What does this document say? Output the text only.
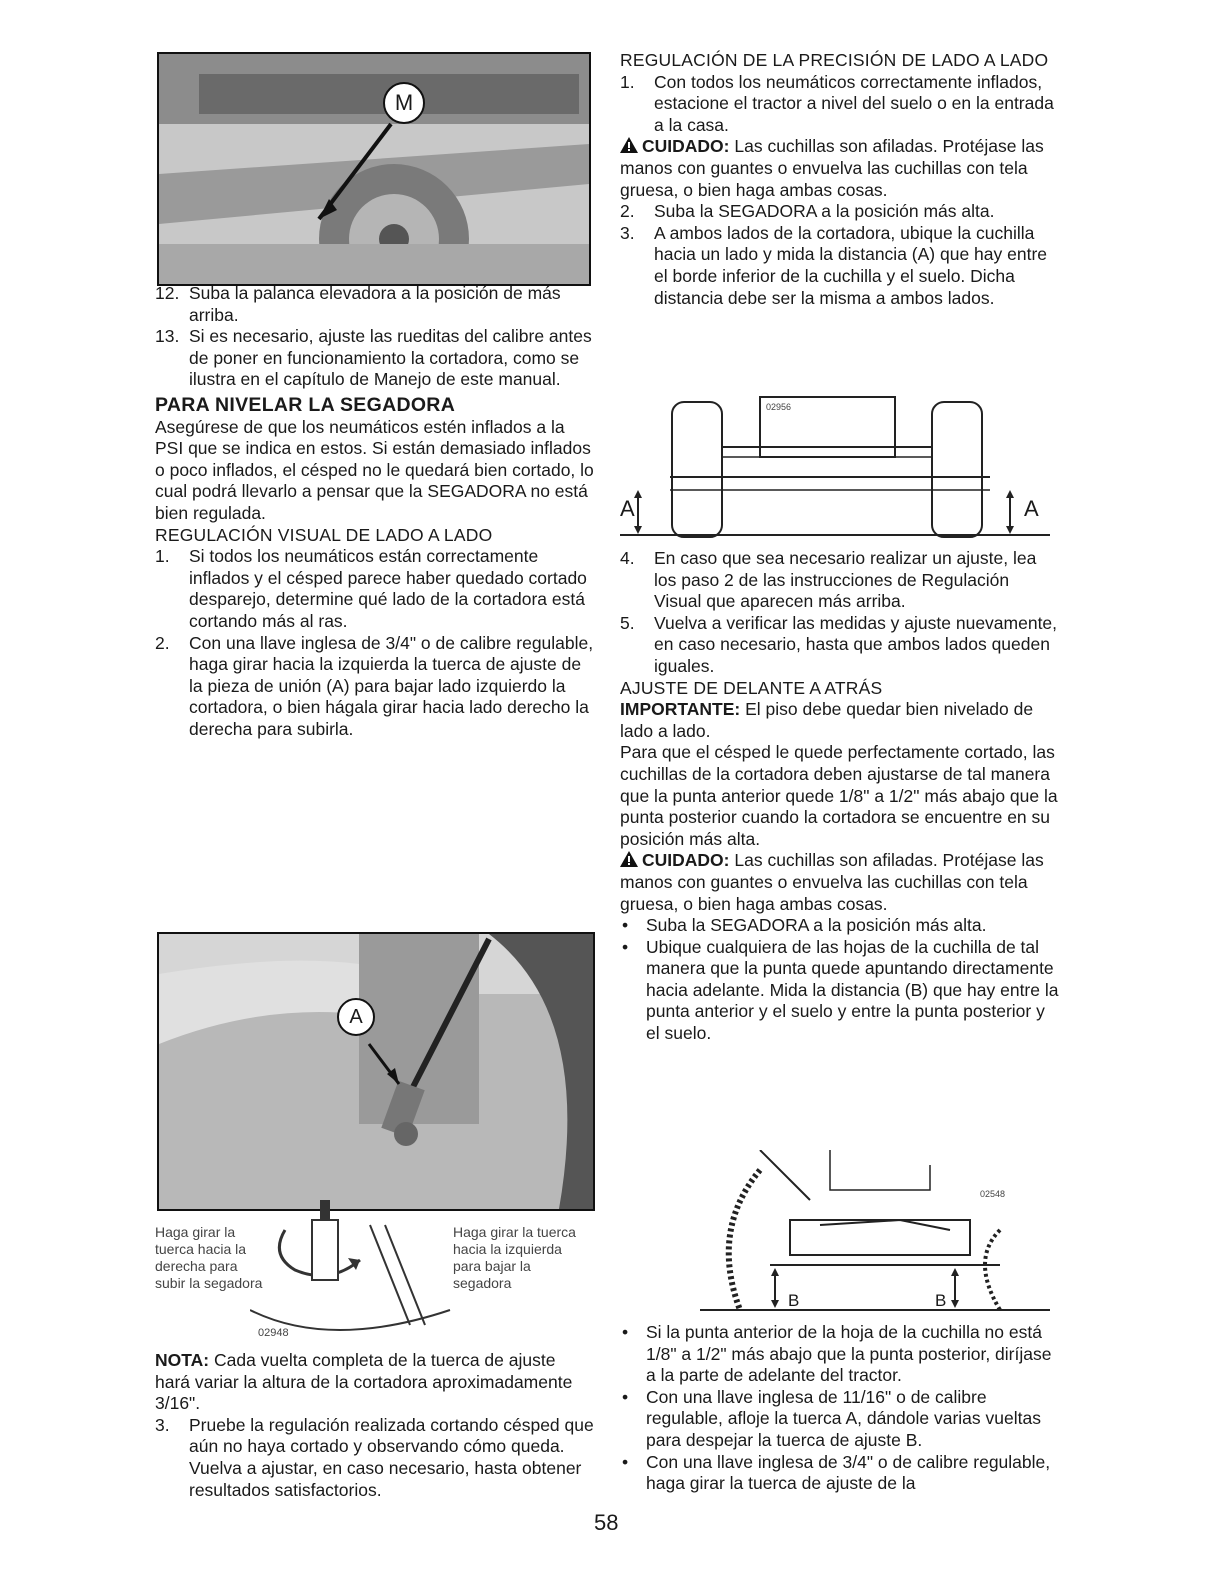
M
12. Suba la palanca elevadora a la posición de más arriba.
13. Si es necesario, ajuste las rueditas del calibre antes de poner en funcionamiento la cortadora, como se ilustra en el capítulo de Manejo de este manual.

PARA NIVELAR LA SEGADORA

Asegúrese de que los neumáticos estén inflados a la PSI que se indica en estos. Si están demasiado inflados o poco inflados, el césped no le quedará bien cortado, lo cual podrá llevarlo a pensar que la SEGADORA no está bien regulada.

REGULACIÓN VISUAL DE LADO A LADO

1.	Si todos los neumáticos están correctamente inflados y el césped parece haber quedado cortado desparejo, determine qué lado de la cortadora está cortando más al ras.
2.	Con una llave inglesa de 3/4" o de calibre regulable, haga girar hacia la izquierda la tuerca de ajuste de la pieza de unión (A) para bajar lado izquierdo la cortadora, o bien hágala girar hacia lado derecho la derecha para subirla.
A
Haga girar la tuerca hacia la derecha para subir la segadora
Haga girar la tuerca hacia la izquierda para bajar la segadora
02948

NOTA: Cada vuelta completa de la tuerca de ajuste hará variar la altura de la cortadora aproximadamente 3/16".

3.	Pruebe la regulación realizada cortando césped que aún no haya cortado y observando cómo queda. Vuelva a ajustar, en caso necesario, hasta obtener resultados satisfactorios.

REGULACIÓN DE LA PRECISIÓN DE LADO A LADO

1.	Con todos los neumáticos correctamente inflados, estacione el tractor a nivel del suelo o en la entrada a la casa.

CUIDADO: Las cuchillas son afiladas. Protéjase las manos con guantes o envuelva las cuchillas con tela gruesa, o bien haga ambas cosas.

2.	Suba la SEGADORA a la posición más alta.
3.	A ambos lados de la cortadora, ubique la cuchilla hacia un lado y mida la distancia (A) que hay entre el borde inferior de la cuchilla y el suelo. Dicha distancia debe ser la misma a ambos lados.
02956
A	A
4.	En caso que sea necesario realizar un ajuste, lea los paso 2 de las instrucciones de Regulación Visual que aparecen más arriba.
5.	Vuelva a verificar las medidas y ajuste nuevamente, en caso necesario, hasta que ambos lados queden iguales.

AJUSTE DE DELANTE A ATRÁS

IMPORTANTE: El piso debe quedar bien nivelado de lado a lado.

Para que el césped le quede perfectamente cortado, las cuchillas de la cortadora deben ajustarse de tal manera que la punta anterior quede 1/8" a 1/2" más abajo que la punta posterior cuando la cortadora se encuentre en su posición más alta.

CUIDADO: Las cuchillas son afiladas. Protéjase las manos con guantes o envuelva las cuchillas con tela gruesa, o bien haga ambas cosas.

•	Suba la SEGADORA a la posición más alta.
•	Ubique cualquiera de las hojas de la cuchilla de tal manera que la punta quede apuntando directamente hacia adelante. Mida la distancia (B) que hay entre la punta anterior y el suelo y entre la punta posterior y el suelo.
02548
B	B
•	Si la punta anterior de la hoja de la cuchilla no está 1/8" a 1/2" más abajo que la punta posterior, diríjase a la parte de adelante del tractor.
•	Con una llave inglesa de 11/16" o de calibre regulable, afloje la tuerca A, dándole varias vueltas para despejar la tuerca de ajuste B.
•	Con una llave inglesa de 3/4" o de calibre regulable, haga girar la tuerca de ajuste de la
58
